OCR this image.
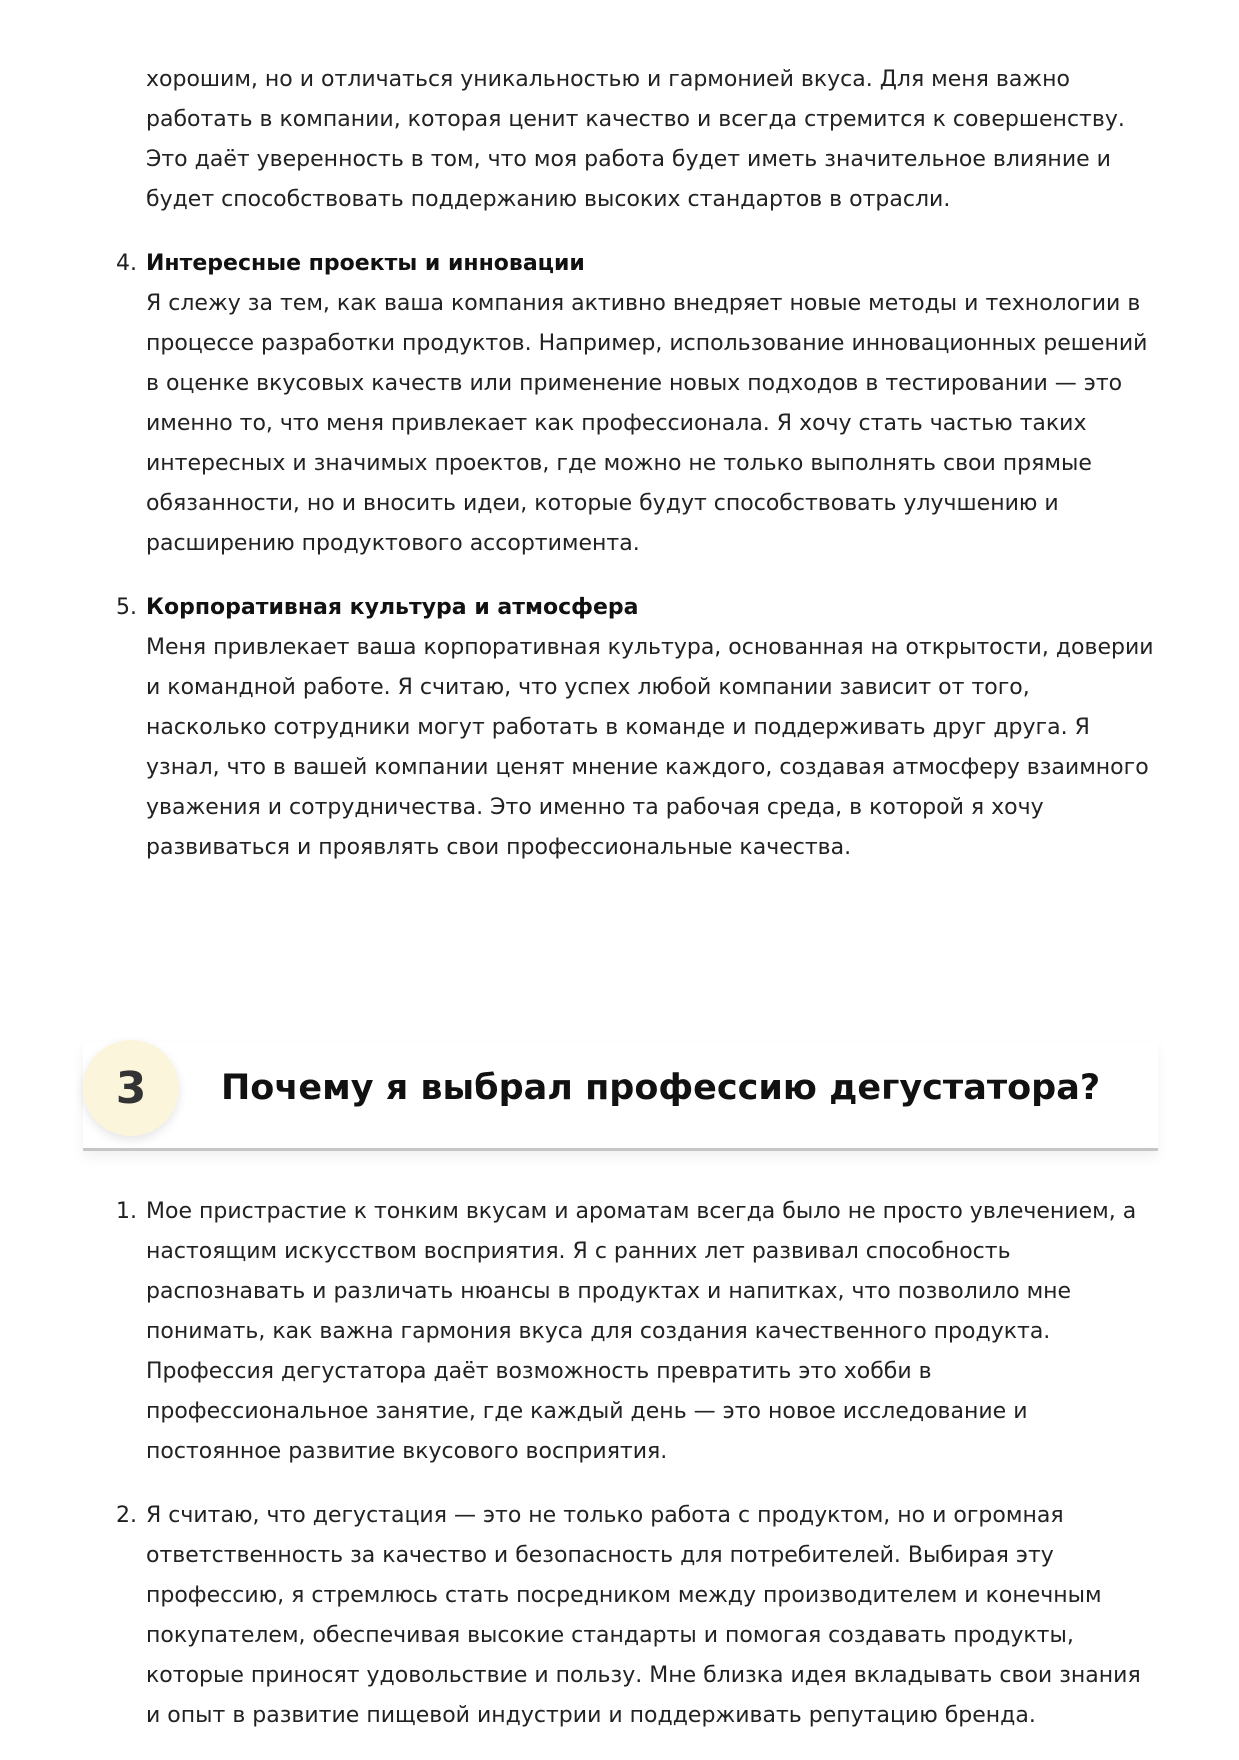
хорошим, но и отличаться уникальностью и гармонией вкуса. Для меня важно работать в компании, которая ценит качество и всегда стремится к совершенству. Это даёт уверенность в том, что моя работа будет иметь значительное влияние и будет способствовать поддержанию высоких стандартов в отрасли.
4. Интересные проекты и инновации
Я слежу за тем, как ваша компания активно внедряет новые методы и технологии в процессе разработки продуктов. Например, использование инновационных решений в оценке вкусовых качеств или применение новых подходов в тестировании — это именно то, что меня привлекает как профессионала. Я хочу стать частью таких интересных и значимых проектов, где можно не только выполнять свои прямые обязанности, но и вносить идеи, которые будут способствовать улучшению и расширению продуктового ассортимента.
5. Корпоративная культура и атмосфера
Меня привлекает ваша корпоративная культура, основанная на открытости, доверии и командной работе. Я считаю, что успех любой компании зависит от того, насколько сотрудники могут работать в команде и поддерживать друг друга. Я узнал, что в вашей компании ценят мнение каждого, создавая атмосферу взаимного уважения и сотрудничества. Это именно та рабочая среда, в которой я хочу развиваться и проявлять свои профессиональные качества.
3	Почему я выбрал профессию дегустатора?
1. Мое пристрастие к тонким вкусам и ароматам всегда было не просто увлечением, а настоящим искусством восприятия. Я с ранних лет развивал способность распознавать и различать нюансы в продуктах и напитках, что позволило мне понимать, как важна гармония вкуса для создания качественного продукта. Профессия дегустатора даёт возможность превратить это хобби в профессиональное занятие, где каждый день — это новое исследование и постоянное развитие вкусового восприятия.
2. Я считаю, что дегустация — это не только работа с продуктом, но и огромная ответственность за качество и безопасность для потребителей. Выбирая эту профессию, я стремлюсь стать посредником между производителем и конечным покупателем, обеспечивая высокие стандарты и помогая создавать продукты, которые приносят удовольствие и пользу. Мне близка идея вкладывать свои знания и опыт в развитие пищевой индустрии и поддерживать репутацию бренда.
